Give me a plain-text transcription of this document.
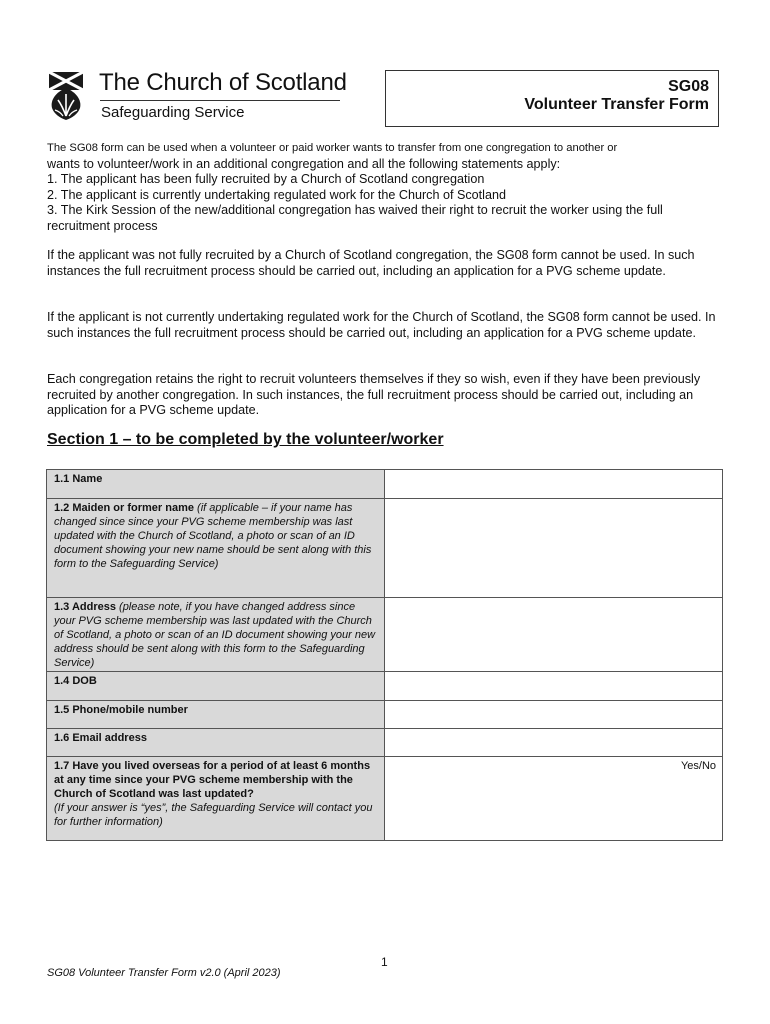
The Church of Scotland
Safeguarding Service
SG08
Volunteer Transfer Form

The SG08 form can be used when a volunteer or paid worker wants to transfer from one congregation to another or

wants to volunteer/work in an additional congregation and all the following statements apply:

1. The applicant has been fully recruited by a Church of Scotland congregation

2. The applicant is currently undertaking regulated work for the Church of Scotland

3. The Kirk Session of the new/additional congregation has waived their right to recruit the worker using the full recruitment process

If the applicant was not fully recruited by a Church of Scotland congregation, the SG08 form cannot be used. In such instances the full recruitment process should be carried out, including an application for a PVG scheme update.

If the applicant is not currently undertaking regulated work for the Church of Scotland, the SG08 form cannot be used. In such instances the full recruitment process should be carried out, including an application for a PVG scheme update.

Each congregation retains the right to recruit volunteers themselves if they so wish, even if they have been previously recruited by another congregation. In such instances, the full recruitment process should be carried out, including an application for a PVG scheme update.

Section 1 – to be completed by the volunteer/worker
1.1 Name	
1.2 Maiden or former name (if applicable – if your name has changed since since your PVG scheme membership was last updated with the Church of Scotland, a photo or scan of an ID document showing your new name should be sent along with this form to the Safeguarding Service)	
1.3 Address (please note, if you have changed address since your PVG scheme membership was last updated with the Church of Scotland, a photo or scan of an ID document showing your new address should be sent along with this form to the Safeguarding Service)	
1.4 DOB	
1.5 Phone/mobile number	
1.6 Email address	
1.7 Have you lived overseas for a period of at least 6 months at any time since your PVG scheme membership with the Church of Scotland was last updated?
(If your answer is “yes”, the Safeguarding Service will contact you for further information)	Yes/No
1
SG08 Volunteer Transfer Form v2.0 (April 2023)
